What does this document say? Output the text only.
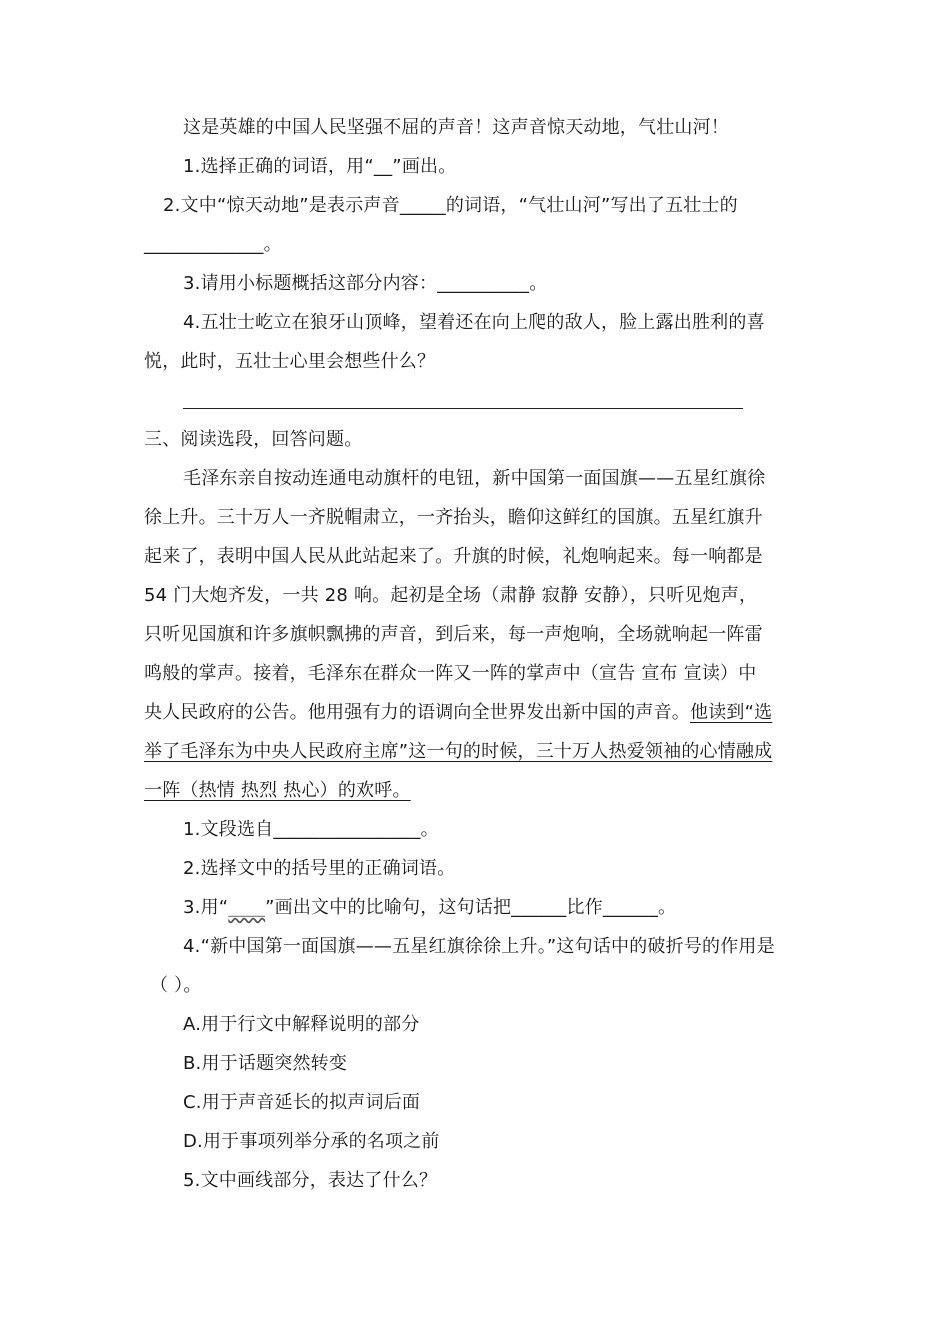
这是英雄的中国人民坚强不屈的声音！这声音惊天动地，气壮山河！
1.选择正确的词语，用“__”画出。
2.文中“惊天动地”是表示声音_____的词语，“气壮山河”写出了五壮士的
_____________。
3.请用小标题概括这部分内容：__________。
4.五壮士屹立在狼牙山顶峰，望着还在向上爬的敌人，脸上露出胜利的喜
悦，此时，五壮士心里会想些什么？
三、阅读选段，回答问题。
毛泽东亲自按动连通电动旗杆的电钮，新中国第一面国旗——五星红旗徐
徐上升。三十万人一齐脱帽肃立，一齐抬头，瞻仰这鲜红的国旗。五星红旗升
起来了，表明中国人民从此站起来了。升旗的时候，礼炮响起来。每一响都是
54 门大炮齐发，一共 28 响。起初是全场（肃静 寂静 安静），只听见炮声，
只听见国旗和许多旗帜飘拂的声音，到后来，每一声炮响，全场就响起一阵雷
鸣般的掌声。接着，毛泽东在群众一阵又一阵的掌声中（宣告 宣布 宣读）中
央人民政府的公告。他用强有力的语调向全世界发出新中国的声音。他读到“选
举了毛泽东为中央人民政府主席”这一句的时候，三十万人热爱领袖的心情融成
一阵（热情 热烈 热心）的欢呼。
1.文段选自________________。
2.选择文中的括号里的正确词语。
3.用“____”画出文中的比喻句，这句话把______比作______。
4.“新中国第一面国旗——五星红旗徐徐上升。”这句话中的破折号的作用是
（ ）。
A.用于行文中解释说明的部分
B.用于话题突然转变
C.用于声音延长的拟声词后面
D.用于事项列举分承的名项之前
5.文中画线部分，表达了什么？
